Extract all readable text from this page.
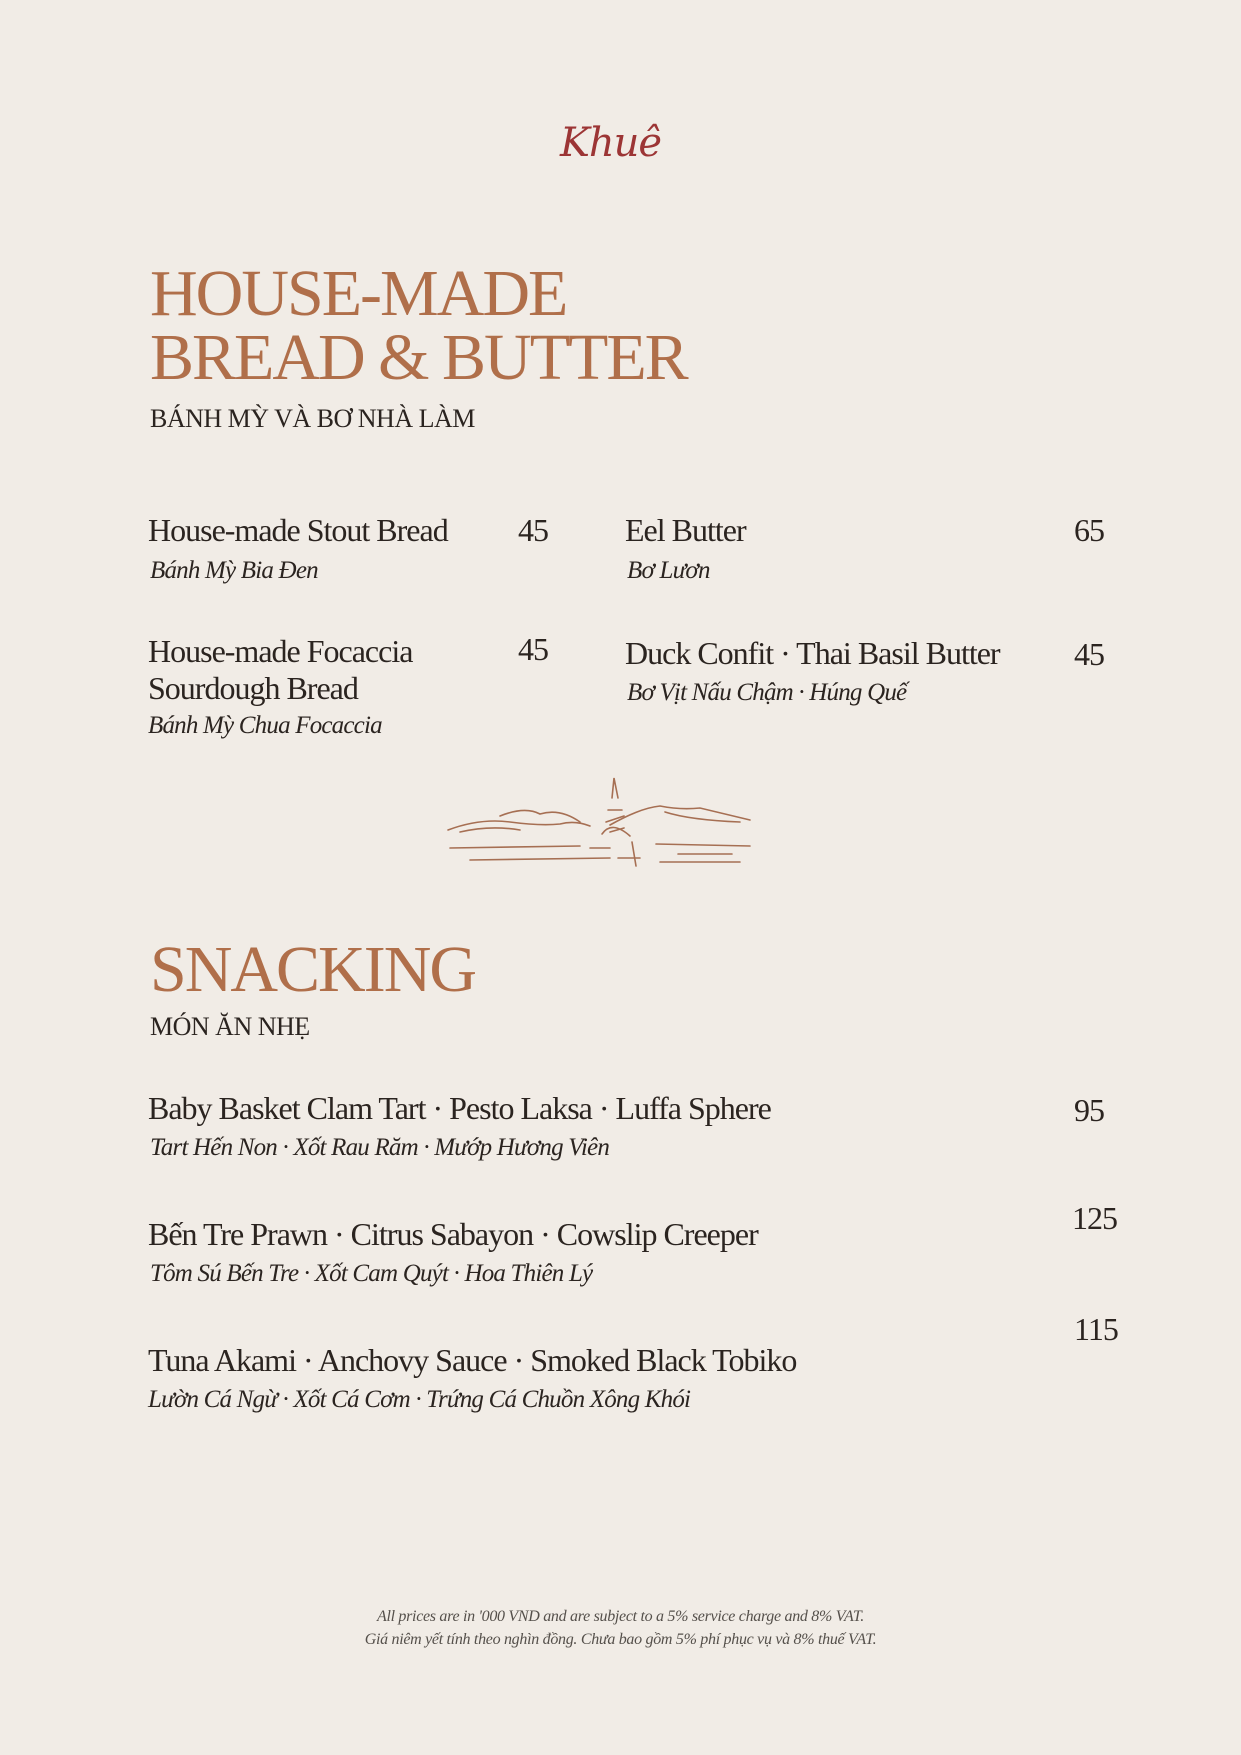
Khuê
HOUSE-MADE
BREAD & BUTTER
BÁNH MỲ VÀ BƠ NHÀ LÀM
House-made Stout Bread
Bánh Mỳ Bia Đen
45
House-made Focaccia
Sourdough Bread
Bánh Mỳ Chua Focaccia
45
Eel Butter
Bơ Lươn
65
Duck Confit · Thai Basil Butter
Bơ Vịt Nấu Chậm · Húng Quế
45
SNACKING
MÓN ĂN NHẸ
Baby Basket Clam Tart · Pesto Laksa · Luffa Sphere
Tart Hến Non · Xốt Rau Răm · Mướp Hương Viên
95
Bến Tre Prawn · Citrus Sabayon · Cowslip Creeper
Tôm Sú Bến Tre · Xốt Cam Quýt · Hoa Thiên Lý
125
Tuna Akami · Anchovy Sauce · Smoked Black Tobiko
Lườn Cá Ngừ · Xốt Cá Cơm · Trứng Cá Chuồn Xông Khói
115
All prices are in '000 VND and are subject to a 5% service charge and 8% VAT.
Giá niêm yết tính theo nghìn đồng. Chưa bao gồm 5% phí phục vụ và 8% thuế VAT.
